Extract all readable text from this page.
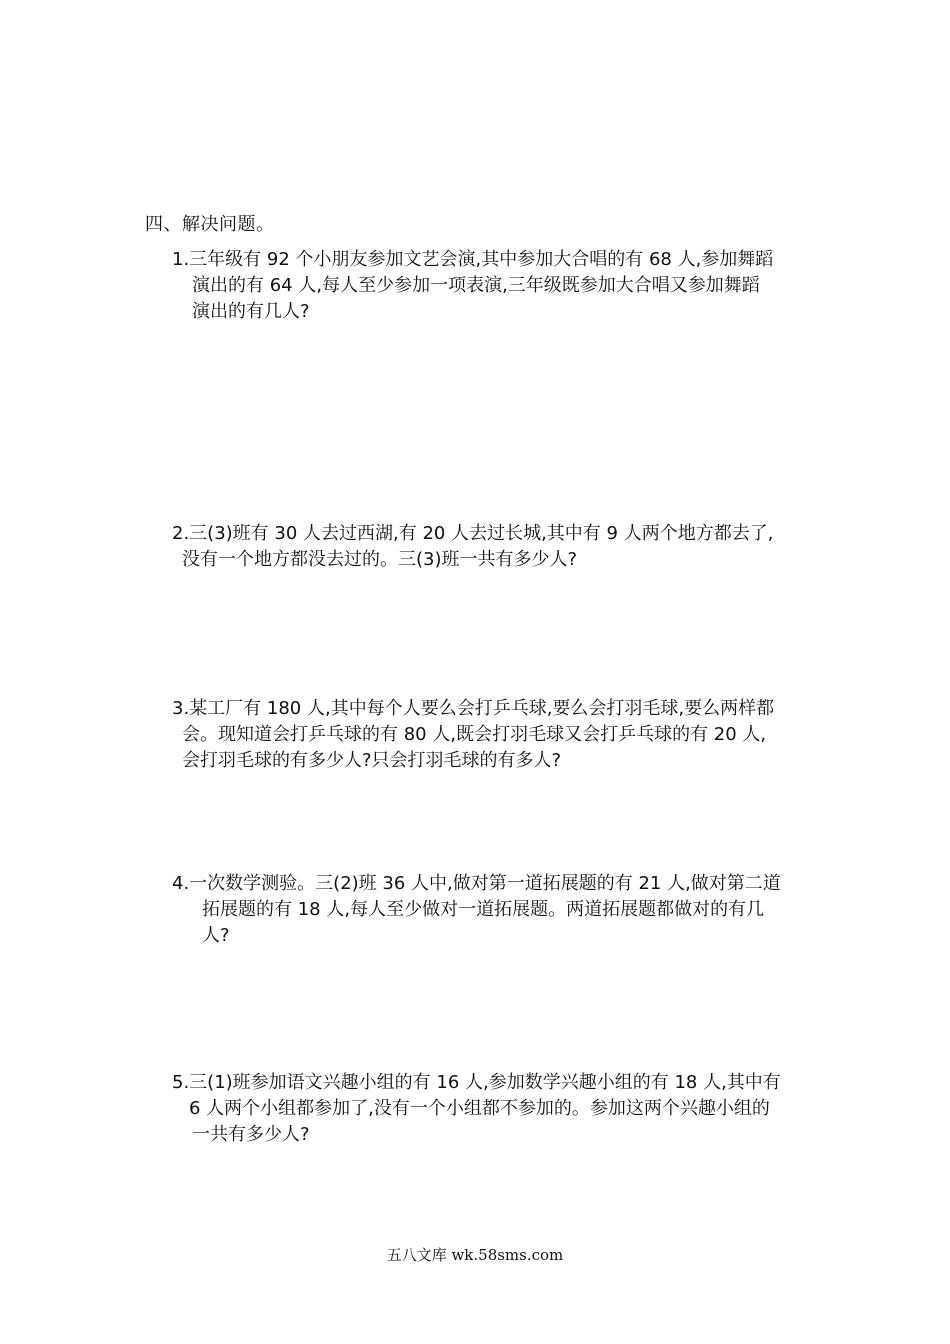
四、解决问题。
1.三年级有 92 个小朋友参加文艺会演,其中参加大合唱的有 68 人,参加舞蹈
演出的有 64 人,每人至少参加一项表演,三年级既参加大合唱又参加舞蹈
演出的有几人?
2.三(3)班有 30 人去过西湖,有 20 人去过长城,其中有 9 人两个地方都去了,
没有一个地方都没去过的。三(3)班一共有多少人?
3.某工厂有 180 人,其中每个人要么会打乒乓球,要么会打羽毛球,要么两样都
会。现知道会打乒乓球的有 80 人,既会打羽毛球又会打乒乓球的有 20 人,
会打羽毛球的有多少人?只会打羽毛球的有多人?
4.一次数学测验。三(2)班 36 人中,做对第一道拓展题的有 21 人,做对第二道
拓展题的有 18 人,每人至少做对一道拓展题。两道拓展题都做对的有几
人?
5.三(1)班参加语文兴趣小组的有 16 人,参加数学兴趣小组的有 18 人,其中有
6 人两个小组都参加了,没有一个小组都不参加的。参加这两个兴趣小组的
一共有多少人?
五八文库 wk.58sms.com
